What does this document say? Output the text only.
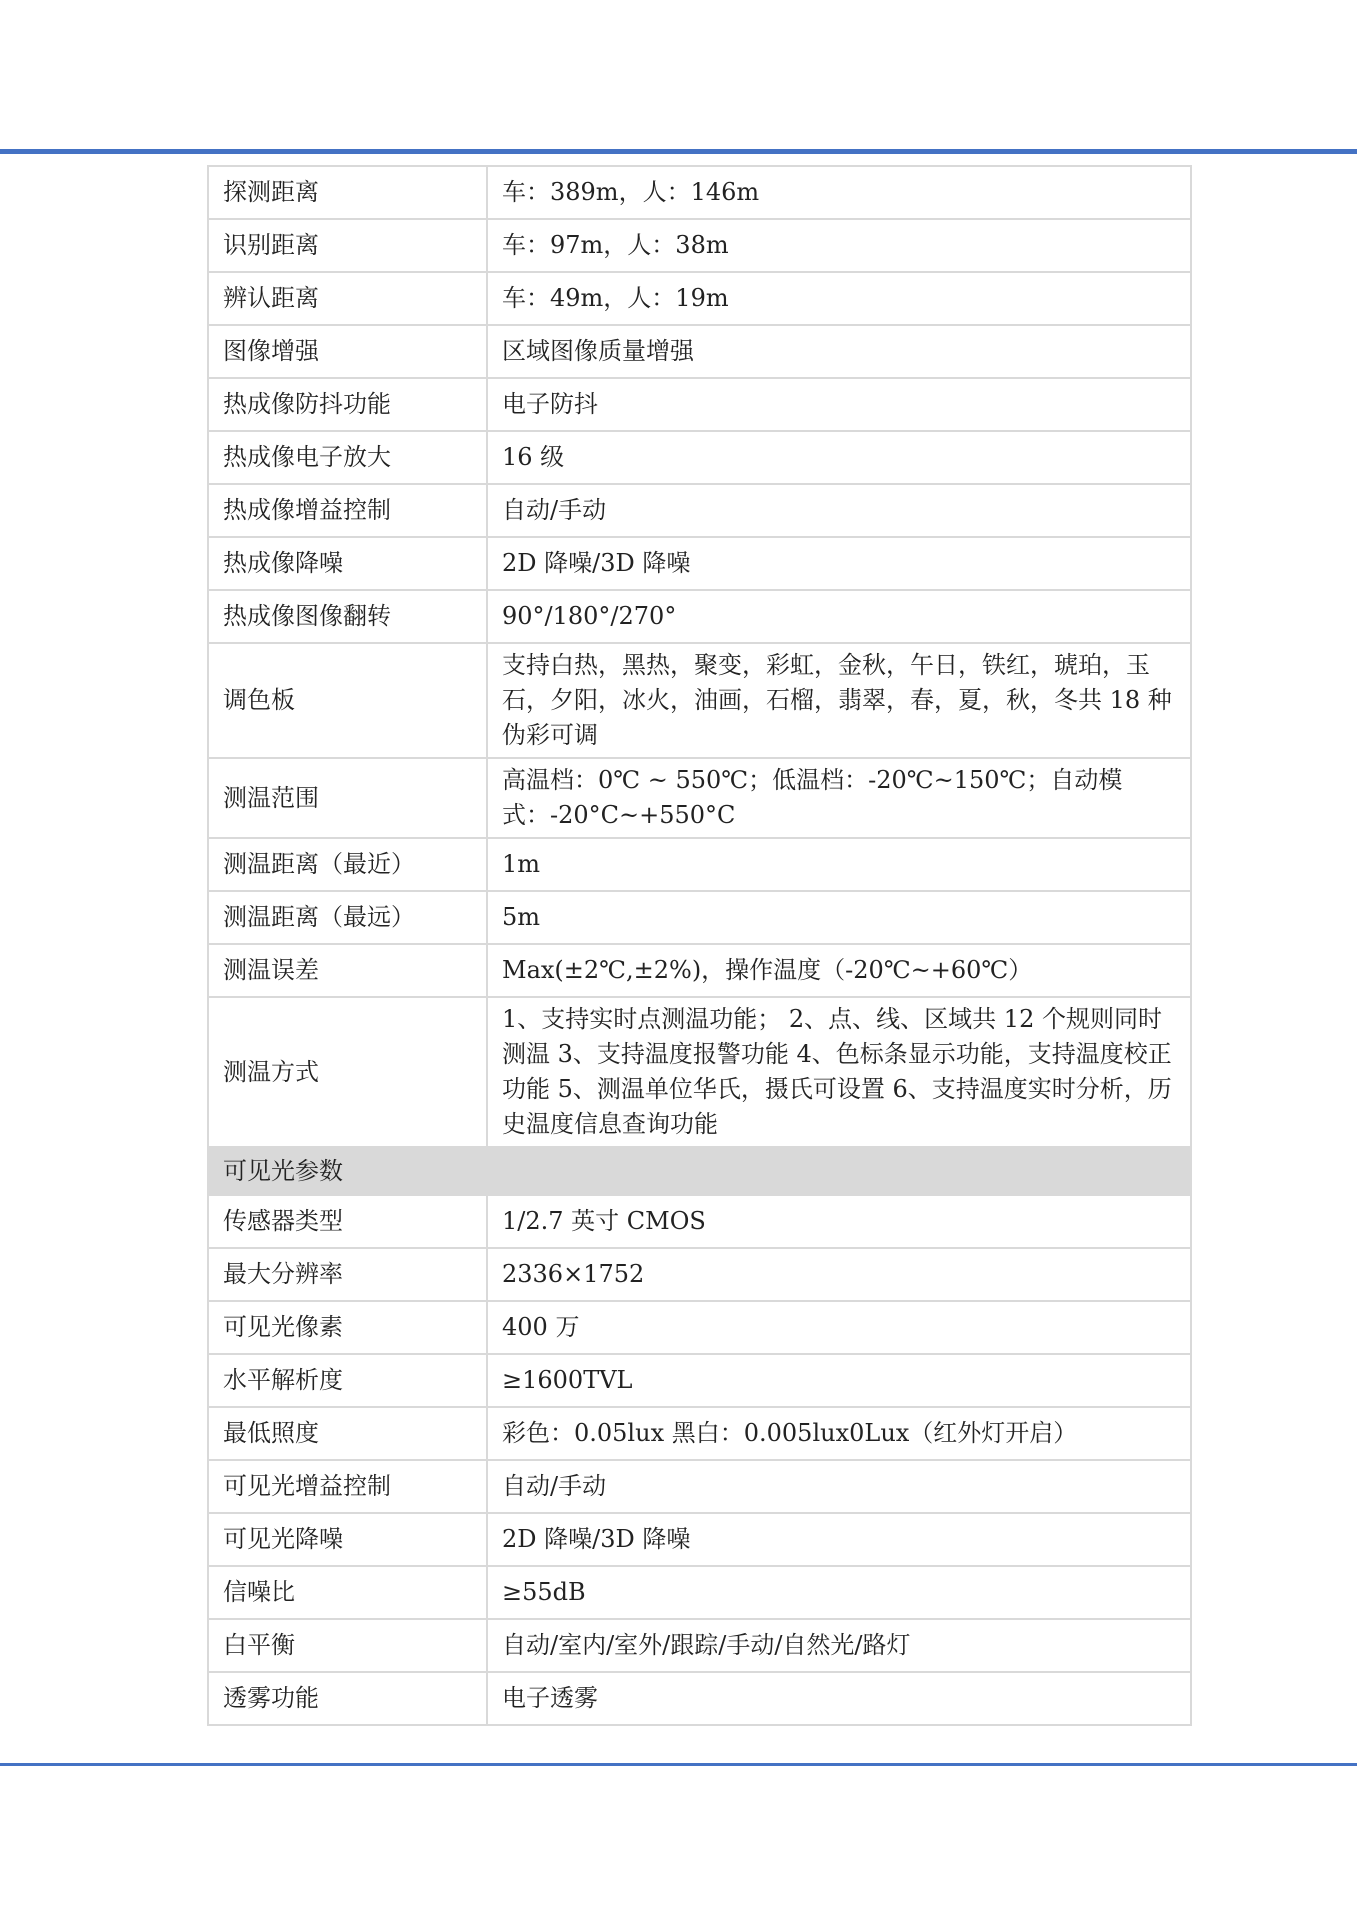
探测距离	车：389m，人：146m
识别距离	车：97m，人：38m
辨认距离	车：49m，人：19m
图像增强	区域图像质量增强
热成像防抖功能	电子防抖
热成像电子放大	16 级
热成像增益控制	自动/手动
热成像降噪	2D 降噪/3D 降噪
热成像图像翻转	90°/180°/270°
调色板	支持白热，黑热，聚变，彩虹，金秋，午日，铁红，琥珀，玉石，夕阳，冰火，油画，石榴，翡翠，春，夏，秋，冬共 18 种伪彩可调
测温范围	高温档：0℃ ~ 550℃；低温档：-20℃~150℃；自动模式：-20°C~+550°C
测温距离（最近）	1m
测温距离（最远）	5m
测温误差	Max(±2℃,±2%)，操作温度（-20℃~+60℃）
测温方式	1、支持实时点测温功能； 2、点、线、区域共 12 个规则同时测温 3、支持温度报警功能 4、色标条显示功能，支持温度校正功能 5、测温单位华氏，摄氏可设置 6、支持温度实时分析，历史温度信息查询功能
可见光参数	
传感器类型	1/2.7 英寸 CMOS
最大分辨率	2336×1752
可见光像素	400 万
水平解析度	≥1600TVL
最低照度	彩色：0.05lux 黑白：0.005lux0Lux（红外灯开启）
可见光增益控制	自动/手动
可见光降噪	2D 降噪/3D 降噪
信噪比	≥55dB
白平衡	自动/室内/室外/跟踪/手动/自然光/路灯
透雾功能	电子透雾
